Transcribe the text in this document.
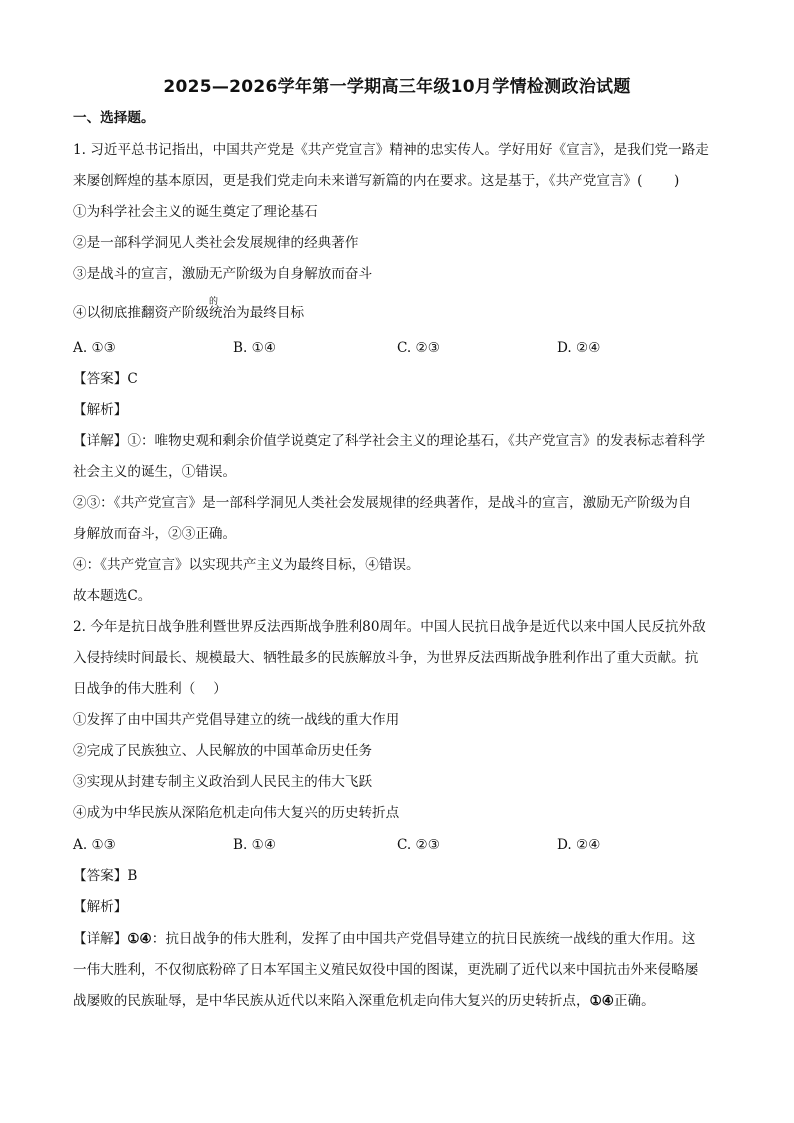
2025—2026学年第一学期高三年级10月学情检测政治试题
一、选择题。
1. 习近平总书记指出，中国共产党是《共产党宣言》精神的忠实传人。学好用好《宣言》，是我们党一路走
来屡创辉煌的基本原因，更是我们党走向未来谱写新篇的内在要求。这是基于，《共产党宣言》(　　 )
①为科学社会主义的诞生奠定了理论基石
②是一部科学洞见人类社会发展规律的经典著作
③是战斗的宣言，激励无产阶级为自身解放而奋斗
④以彻底推翻资产阶级
的
统治为最终目标
A. ①③	B. ①④	C. ②③	D. ②④
【答案】C
【解析】
【详解】①：唯物史观和剩余价值学说奠定了科学社会主义的理论基石，《共产党宣言》的发表标志着科学
社会主义的诞生，①错误。
②③：《共产党宣言》是一部科学洞见人类社会发展规律的经典著作，是战斗的宣言，激励无产阶级为自
身解放而奋斗，②③正确。
④：《共产党宣言》以实现共产主义为最终目标，④错误。
故本题选C。
2. 今年是抗日战争胜利暨世界反法西斯战争胜利80周年。中国人民抗日战争是近代以来中国人民反抗外敌
入侵持续时间最长、规模最大、牺牲最多的民族解放斗争，为世界反法西斯战争胜利作出了重大贡献。抗
日战争的伟大胜利（　 ）
①发挥了由中国共产党倡导建立的统一战线的重大作用
②完成了民族独立、人民解放的中国革命历史任务
③实现从封建专制主义政治到人民民主的伟大飞跃
④成为中华民族从深陷危机走向伟大复兴的历史转折点
A. ①③	B. ①④	C. ②③	D. ②④
【答案】B
【解析】
【详解】①④：抗日战争的伟大胜利，发挥了由中国共产党倡导建立的抗日民族统一战线的重大作用。这
一伟大胜利，不仅彻底粉碎了日本军国主义殖民奴役中国的图谋，更洗刷了近代以来中国抗击外来侵略屡
战屡败的民族耻辱，是中华民族从近代以来陷入深重危机走向伟大复兴的历史转折点，①④正确。
